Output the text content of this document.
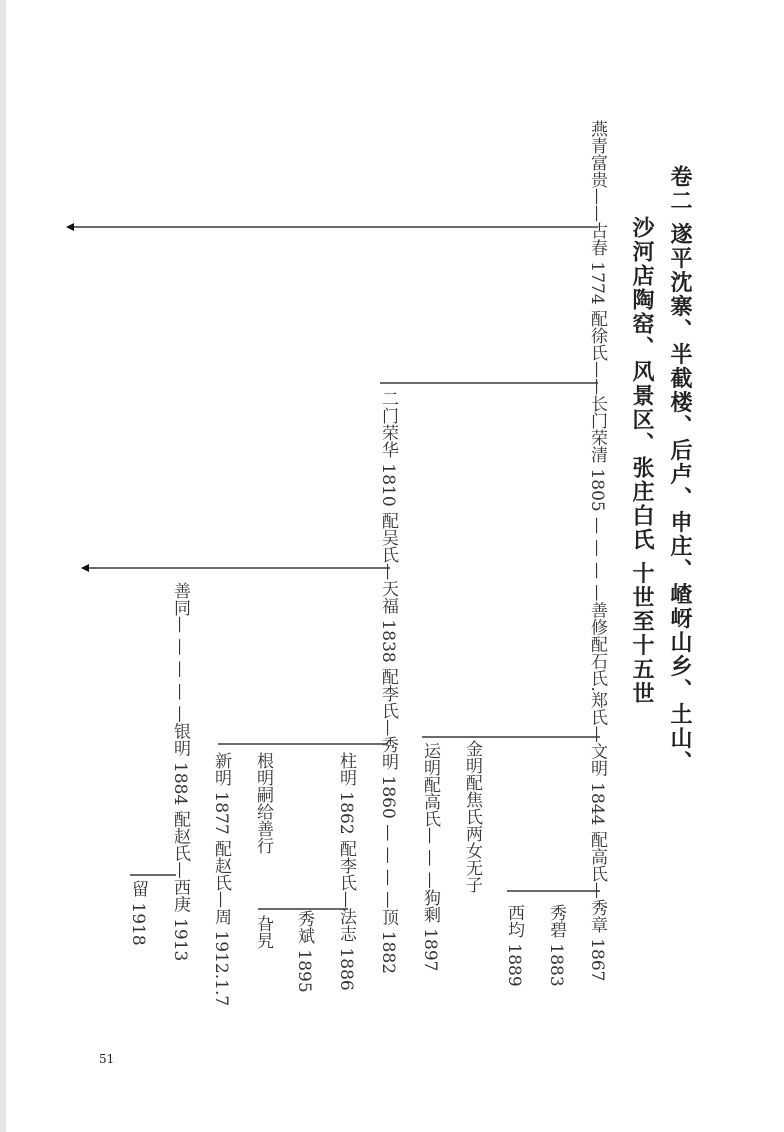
卷二 遂平沈寨、半截楼、后卢、申庄、嵖岈山乡、土山、
沙河店陶窑、风景区、张庄白氏 十世至十五世
燕青富贵——古春 1774 配徐氏——长门荣清 1805 — — — —善修配石氏.郑氏—文明 1844 配高氏—秀章 1867
秀碧 1883
西均 1889
金明配焦氏两女无子
运明配高氏— — —狗剩 1897
二门荣华 1810 配吴氏—天福 1838 配李氏—秀明 1860 — — — —顶 1882
柱明 1862 配李氏—法志 1886
秀斌 1895
根明嗣给善行
旮旯
新明 1877 配赵氏—周 1912.1.7
善同— — — — —银明 1884 配赵氏—西庚 1913
留 1918
51
